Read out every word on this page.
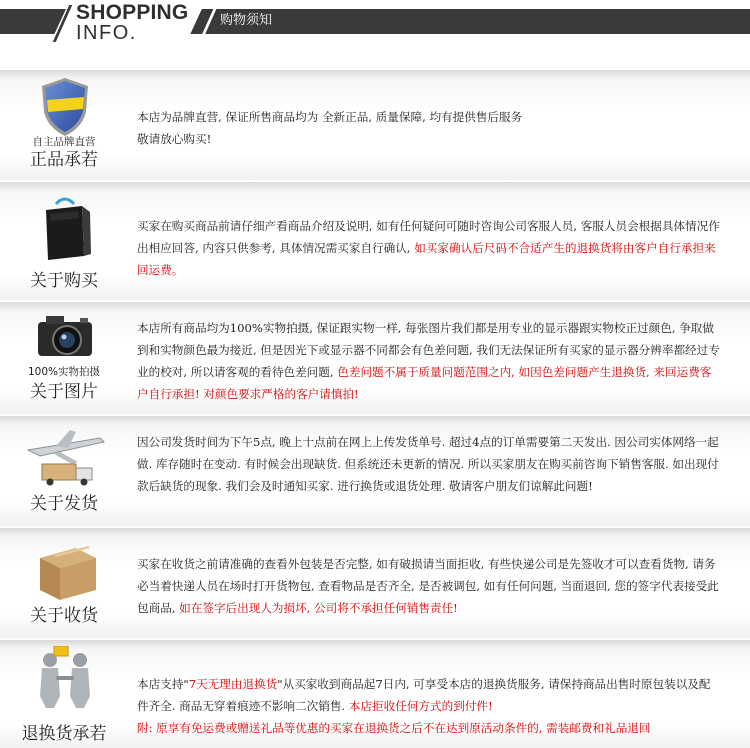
SHOPPING
INFO.
购物须知
自主品牌直营
正品承若
本店为品牌直营, 保证所售商品均为 全新正品, 质量保障, 均有提供售后服务
敬请放心购买!
关于购买
买家在购买商品前请仔细产看商品介绍及说明, 如有任何疑问可随时咨询公司客服人员, 客服人员会根据具体情况作出相应回答, 内容只供参考, 具体情况需买家自行确认, 如买家确认后尺码不合适产生的退换货将由客户自行承担来回运费。
100%实物拍摄
关于图片
本店所有商品均为100%实物拍摄, 保证跟实物一样, 每张图片我们都是用专业的显示器跟实物校正过颜色, 争取做到和实物颜色最为接近, 但是因光下或显示器不同都会有色差问题, 我们无法保证所有买家的显示器分辨率都经过专业的校对, 所以请客观的看待色差问题, 色差问题不属于质量问题范围之内, 如因色差问题产生退换货, 来回运费客户自行承担! 对颜色要求严格的客户请慎拍!
关于发货
因公司发货时间为下午5点, 晚上十点前在网上上传发货单号. 超过4点的订单需要第二天发出. 因公司实体网络一起做. 库存随时在变动. 有时候会出现缺货. 但系统还未更新的情况. 所以买家朋友在购买前咨询下销售客服. 如出现付款后缺货的现象. 我们会及时通知买家. 进行换货或退货处理. 敬请客户朋友们谅解此问题!
关于收货
买家在收货之前请准确的查看外包装是否完整, 如有破损请当面拒收, 有些快递公司是先签收才可以查看货物, 请务必当着快递人员在场时打开货物包, 查看物品是否齐全, 是否被调包, 如有任何问题, 当面退回, 您的签字代表接受此包商品, 如在签字后出现人为损坏, 公司将不承担任何销售责任!
退换货承若
本店支持"7天无理由退换货"从买家收到商品起7日内, 可享受本店的退换货服务, 请保持商品出售时原包装以及配件齐全. 商品无穿着痕迹不影响二次销售. 本店拒收任何方式的到付件!
附: 原享有免运费或赠送礼品等优惠的买家在退换货之后不在达到原活动条件的, 需装邮费和礼品退回
